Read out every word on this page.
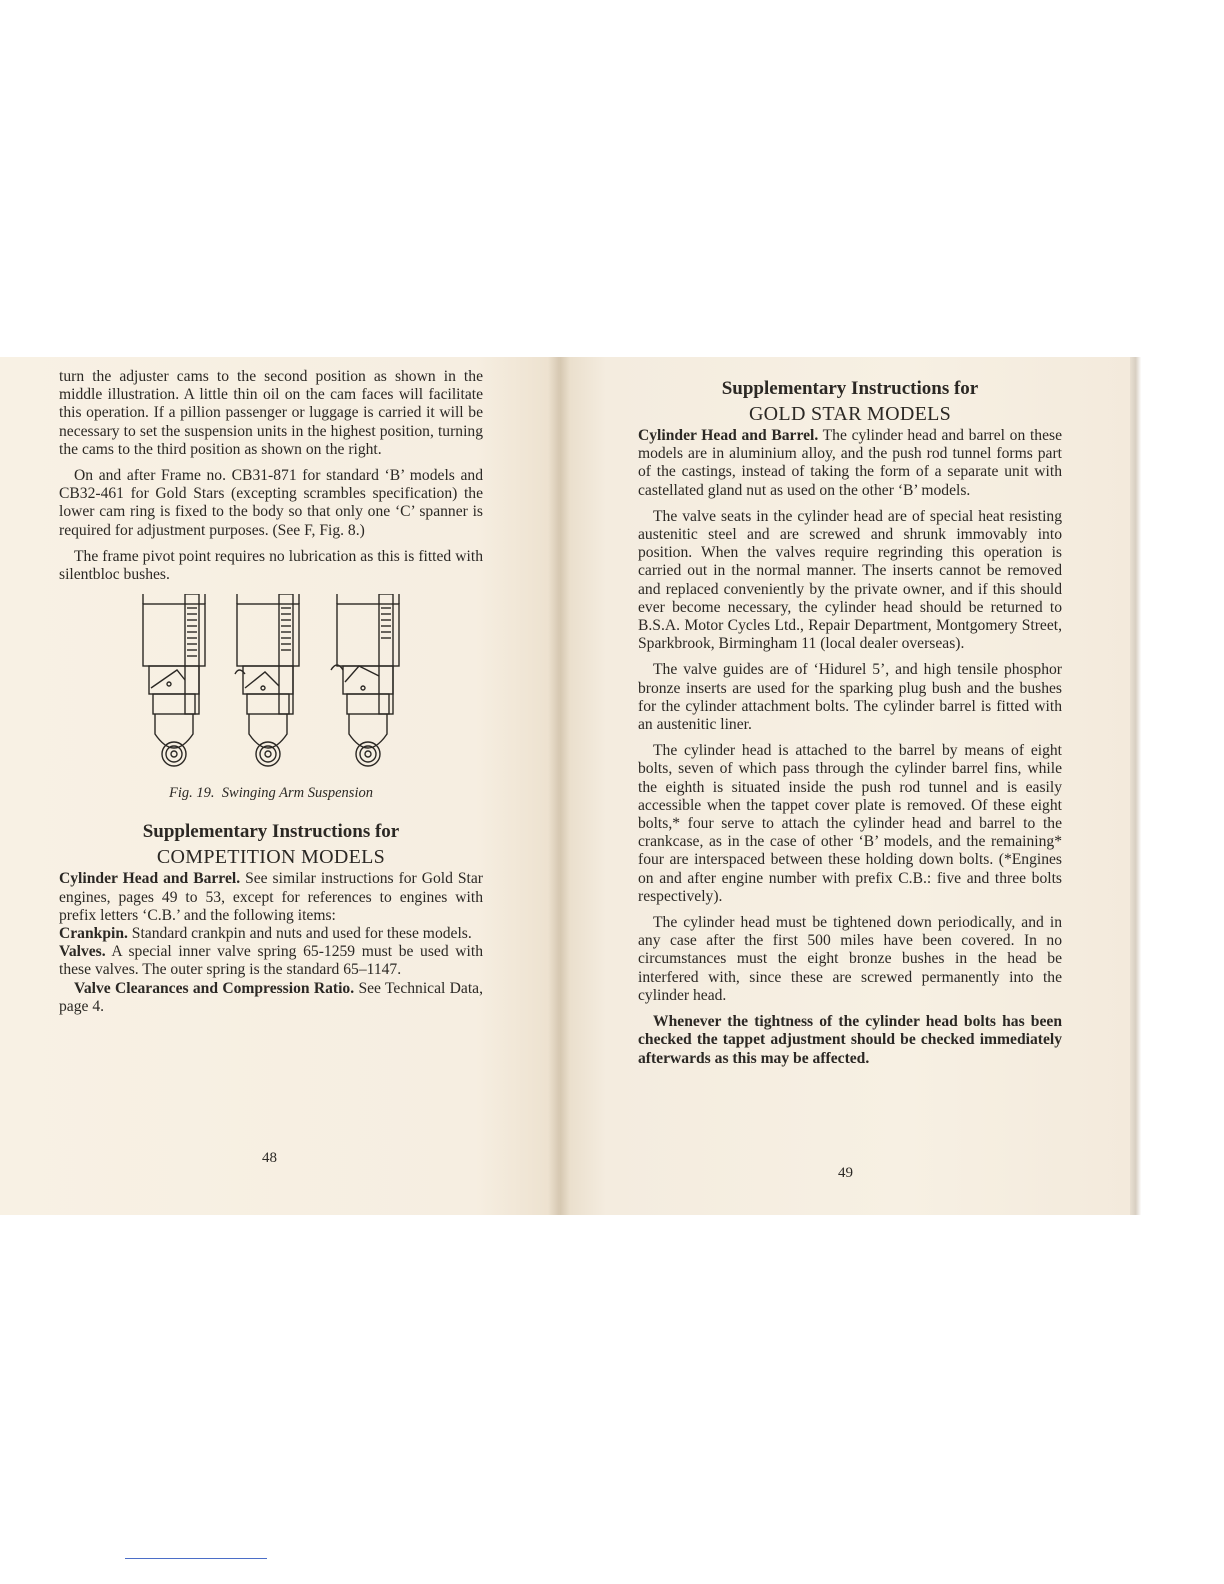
turn the adjuster cams to the second position as shown in the middle illustration. A little thin oil on the cam faces will facilitate this operation. If a pillion passenger or luggage is carried it will be necessary to set the suspension units in the highest position, turning the cams to the third position as shown on the right.

On and after Frame no. CB31-871 for standard ‘B’ models and CB32-461 for Gold Stars (excepting scrambles specification) the lower cam ring is fixed to the body so that only one ‘C’ spanner is required for adjustment purposes. (See F, Fig. 8.)

The frame pivot point requires no lubrication as this is fitted with silentbloc bushes.

Fig. 19. Swinging Arm Suspension

Supplementary Instructions for

COMPETITION MODELS

Cylinder Head and Barrel. See similar instructions for Gold Star engines, pages 49 to 53, except for references to engines with prefix letters ‘C.B.’ and the following items:

Crankpin. Standard crankpin and nuts and used for these models.

Valves. A special inner valve spring 65-1259 must be used with these valves. The outer spring is the standard 65–1147.

Valve Clearances and Compression Ratio. See Technical Data, page 4.

48

Supplementary Instructions for

GOLD STAR MODELS

Cylinder Head and Barrel. The cylinder head and barrel on these models are in aluminium alloy, and the push rod tunnel forms part of the castings, instead of taking the form of a separate unit with castellated gland nut as used on the other ‘B’ models.

The valve seats in the cylinder head are of special heat resisting austenitic steel and are screwed and shrunk immovably into position. When the valves require regrinding this operation is carried out in the normal manner. The inserts cannot be removed and replaced conveniently by the private owner, and if this should ever become necessary, the cylinder head should be returned to B.S.A. Motor Cycles Ltd., Repair Department, Montgomery Street, Sparkbrook, Birmingham 11 (local dealer overseas).

The valve guides are of ‘Hidurel 5’, and high tensile phosphor bronze inserts are used for the sparking plug bush and the bushes for the cylinder attachment bolts. The cylinder barrel is fitted with an austenitic liner.

The cylinder head is attached to the barrel by means of eight bolts, seven of which pass through the cylinder barrel fins, while the eighth is situated inside the push rod tunnel and is easily accessible when the tappet cover plate is removed. Of these eight bolts,* four serve to attach the cylinder head and barrel to the crankcase, as in the case of other ‘B’ models, and the remaining* four are interspaced between these holding down bolts. (*Engines on and after engine number with prefix C.B.: five and three bolts respectively).

The cylinder head must be tightened down periodically, and in any case after the first 500 miles have been covered. In no circumstances must the eight bronze bushes in the head be interfered with, since these are screwed permanently into the cylinder head.

Whenever the tightness of the cylinder head bolts has been checked the tappet adjustment should be checked immediately afterwards as this may be affected.

49
